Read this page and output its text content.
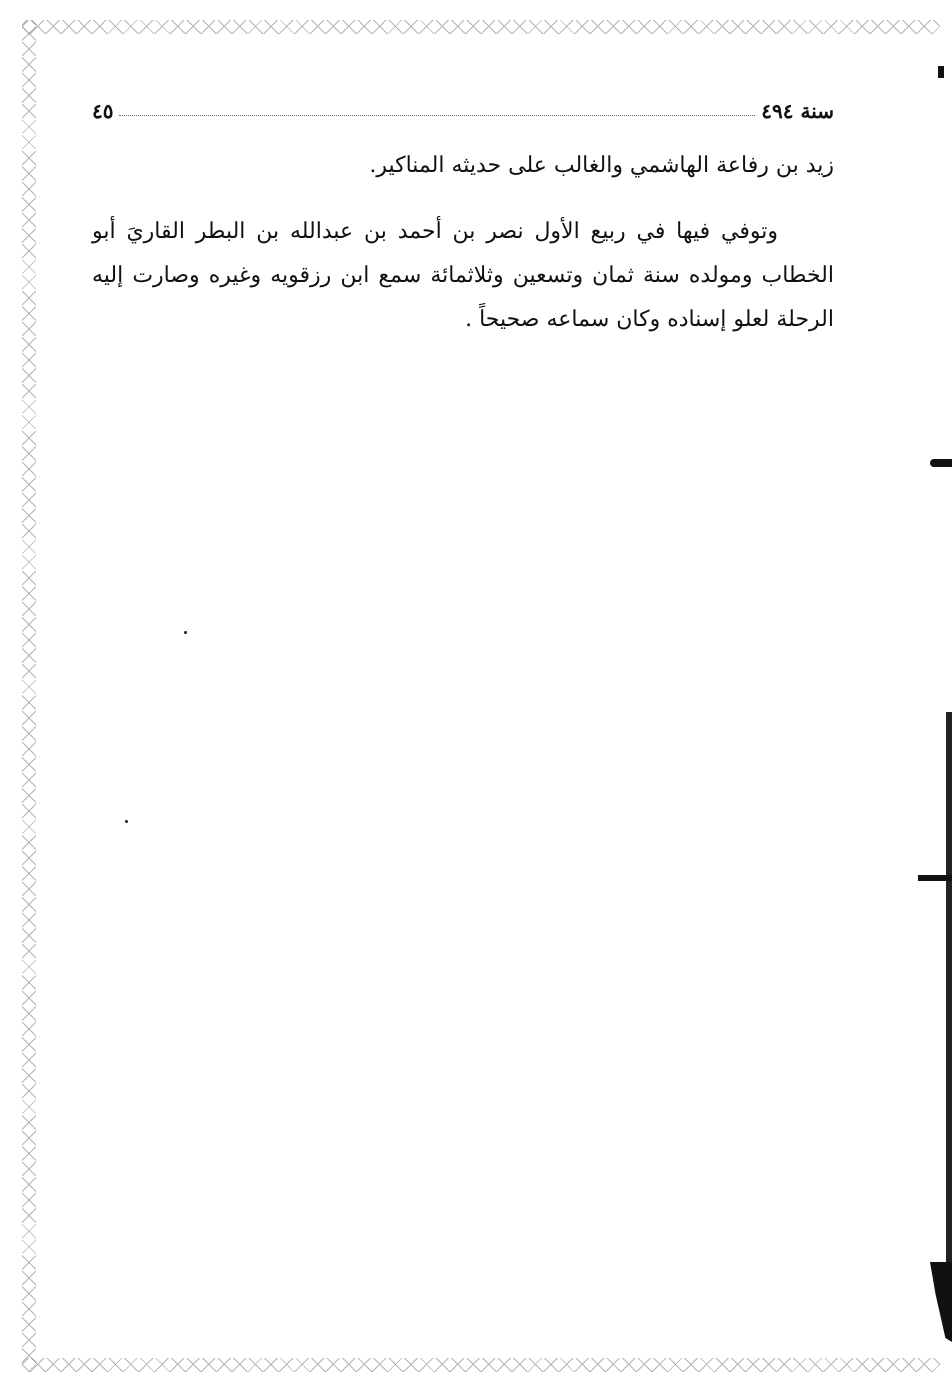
سنة ٤٩٤
٤٥

زيد بن رفاعة الهاشمي والغالب على حديثه المناكير.

وتوفي فيها في ربيع الأول نصر بن أحمد بن عبدالله بن البطر القاريَ أبو الخطاب ومولده سنة ثمان وتسعين وثلاثمائة سمع ابن رزقويه وغيره وصارت إليه الرحلة لعلو إسناده وكان سماعه صحيحاً .
